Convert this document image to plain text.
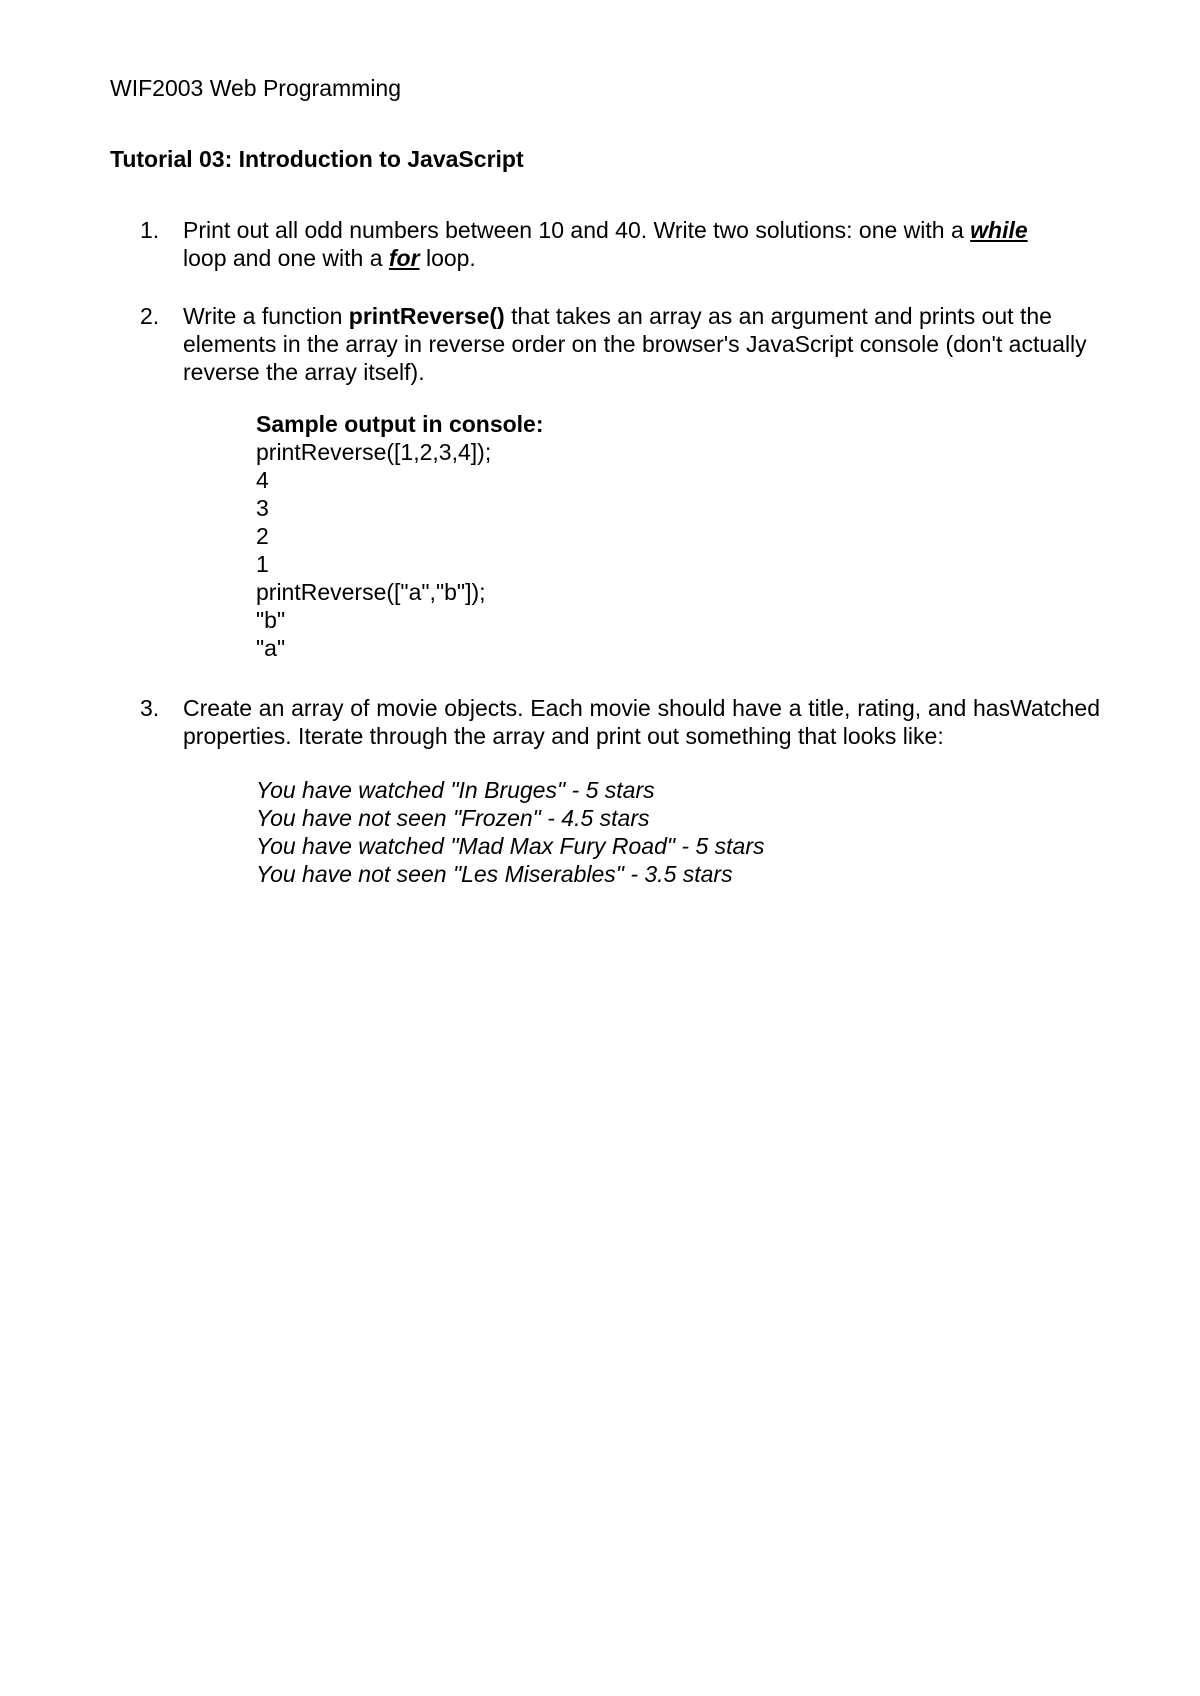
WIF2003 Web Programming
Tutorial 03: Introduction to JavaScript
1. Print out all odd numbers between 10 and 40. Write two solutions: one with a while
loop and one with a for loop.
2. Write a function printReverse() that takes an array as an argument and prints out the elements in the array in reverse order on the browser's JavaScript console (don't actually reverse the array itself).
Sample output in console:
printReverse([1,2,3,4]);
4
3
2
1
printReverse(["a","b"]);
"b"
"a"
3. Create an array of movie objects. Each movie should have a title, rating, and hasWatched properties. Iterate through the array and print out something that looks like:
You have watched "In Bruges" - 5 stars
You have not seen "Frozen" - 4.5 stars
You have watched "Mad Max Fury Road" - 5 stars
You have not seen "Les Miserables" - 3.5 stars
